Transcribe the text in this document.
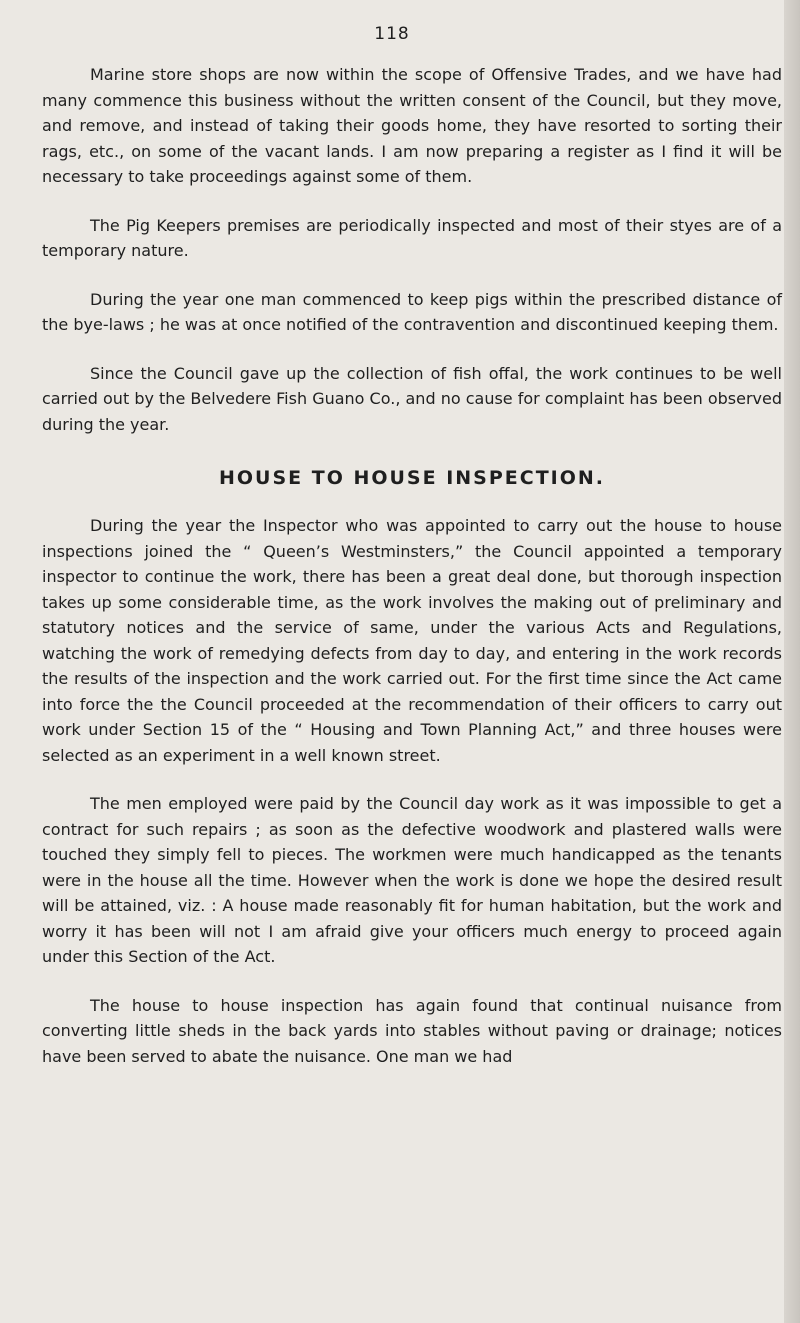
118

Marine store shops are now within the scope of Offensive Trades, and we have had many commence this business without the written consent of the Council, but they move, and remove, and instead of taking their goods home, they have resorted to sorting their rags, etc., on some of the vacant lands. I am now preparing a register as I find it will be necessary to take proceedings against some of them.

The Pig Keepers premises are periodically inspected and most of their styes are of a temporary nature.

During the year one man commenced to keep pigs within the prescribed distance of the bye-laws ; he was at once notified of the contravention and discontinued keeping them.

Since the Council gave up the collection of fish offal, the work continues to be well carried out by the Belvedere Fish Guano Co., and no cause for complaint has been observed during the year.

HOUSE TO HOUSE INSPECTION.

During the year the Inspector who was appointed to carry out the house to house inspections joined the “ Queen’s Westminsters,” the Council appointed a temporary inspector to continue the work, there has been a great deal done, but thorough inspection takes up some considerable time, as the work involves the making out of preliminary and statutory notices and the service of same, under the various Acts and Regulations, watching the work of remedying defects from day to day, and entering in the work records the results of the inspection and the work carried out. For the first time since the Act came into force the the Council proceeded at the recommendation of their officers to carry out work under Section 15 of the “ Housing and Town Planning Act,” and three houses were selected as an experiment in a well known street.

The men employed were paid by the Council day work as it was impossible to get a contract for such repairs ; as soon as the defective woodwork and plastered walls were touched they simply fell to pieces. The workmen were much handicapped as the tenants were in the house all the time. However when the work is done we hope the desired result will be attained, viz. : A house made reasonably fit for human habitation, but the work and worry it has been will not I am afraid give your officers much energy to proceed again under this Section of the Act.

The house to house inspection has again found that continual nuisance from converting little sheds in the back yards into stables without paving or drainage; notices have been served to abate the nuisance. One man we had
